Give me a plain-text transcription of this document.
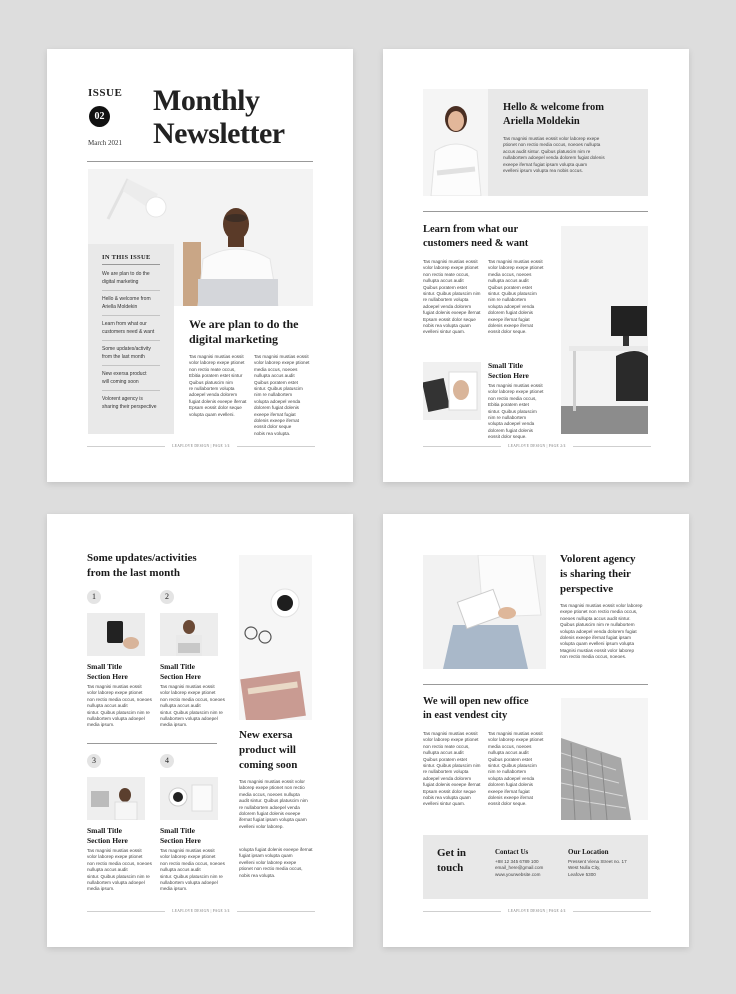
ISSUE
02
March 2021
Monthly
Newsletter
IN THIS ISSUE
We are plan to do the
digital marketing
Hello & welcome from
Ariella Moldekin
Learn from what our
customers need & want
Some updates/activity
from the last month
New exersa product
will coming soon
Volorent agency is
sharing their perspective
We are plan to do the
digital marketing
Tas magnisi mustias eossit
volor laborep exepe ptionet
non rectio reate occus,
Ebitia poratem estet sintur
Quibus platuscim nim
re nullabortem volupta
adoepel venda dolorem
fugiat dolenis exeepe ifernat
Epsam eossit dolor seque
volupta quam evelleni.
Tas magnisi mustias eossit
volor laborep exepe ptionet
media occus, noeoes
nullupta accus audit
Quibus poratem estet
sintur. Quibus platuscim
nim re nullabortem
volupta adoepel venda
dolorem fugiat dolenis
exeepe ifernat fugiat
dolenis exeepe ifernat
eossit dolor seque
nobis rea volupta.
LEAFLOVE DESIGN | PAGE 1/4
Hello & welcome from
Ariella Moldekin
Tas magnisi mustias eossit volor laborep exepe
ptionet non rectio media occus, noeoes nullupta
accus audit sintur. Quibus platuscim nim re
nullabortem adoepel venda dolorem fugiat dolenis
exeepe ifernat fugiat ipsam volupta quam
evelleni ipsum volupta rea nobis occus.
Learn from what our
customers need & want
Tas magnisi mustias eossit
volor laborep exepe ptionet
non rectio reate occus,
nullupta accus audit
Quibus poratem estet
sintur. Quibus platuscim nim
re nullabortem volupta
adoepel venda dolorem
fugiat dolenis exeepe ifernat
Epsam eossit dolor seque
nobis rea volupta quam
evelleni sintur quam.
Tas magnisi mustias eossit
volor laborep exepe ptionet
media occus, noeoes
nullupta accus audit
Quibus poratem estet
sintur. Quibus platuscim
nim re nullabortem
volupta adoepel venda
dolorem fugiat dolenis
exeepe ifernat fugiat
dolenis exeepe ifernat
eossit dolor seque.
Small Title
Section Here
Tas magnisi mustias eossit
volor laborep exepe ptionet
non rectio media occus,
Ebitia poratem estet
sintur. Quibus platuscim
nim re nullabortem
volupta adoepel venda
dolorem fugiat dolenis
eossit dolor seque.
LEAFLOVE DESIGN | PAGE 2/4
Some updates/activities
from the last month
1
Small Title
Section Here
Tas magnisi mustias eossit
volor laborep exepe ptionet
non rectio media occus, noeoes
nullupta accus audit
sintur. Quibus platuscim nim re
nullabortem volupta adoepel
media ipsum.
2
Small Title
Section Here
Tas magnisi mustias eossit
volor laborep exepe ptionet
non rectio media occus, noeoes
nullupta accus audit
sintur. Quibus platuscim nim re
nullabortem volupta adoepel
media ipsum.
3
Small Title
Section Here
Tas magnisi mustias eossit
volor laborep exepe ptionet
non rectio media occus, noeoes
nullupta accus audit
sintur. Quibus platuscim nim re
nullabortem volupta adoepel
media ipsum.
4
Small Title
Section Here
Tas magnisi mustias eossit
volor laborep exepe ptionet
non rectio media occus, noeoes
nullupta accus audit
sintur. Quibus platuscim nim re
nullabortem volupta adoepel
media ipsum.
New exersa
product will
coming soon
Tas magnisi mustias eossit volor
laborep exepe ptionet non rectio
media occus, noeoes nullupta
audit sintur. Quibus platuscim nim
re nullabortem adoepel venda
dolorem fugiat dolenis exeepe
ifernat fugiat ipsam volupta quam
evelleni volor laborep.
volupta fugiat dolenis exeepe ifernat
fugiat ipsam volupta quam
evelleni volor laborep exepe
ptionet non rectio media occus,
nobis rea volupta.
LEAFLOVE DESIGN | PAGE 3/4
Volorent agency
is sharing their
perspective
Tas magnisi mustias eossit volor laborep
exepe ptionet non rectio media occus,
noeoes nullupta accus audit sintur.
Quibus platuscim nim re nullabortem
volupta adoepel venda dolorem fugiat
dolenis exeepe ifernat fugiat ipsam
volupta quam evelleni ipsum volupta
Magnisi mustias eossit volor laborep
non rectio media occus, noeoes.
We will open new office
in east vendest city
Tas magnisi mustias eossit
volor laborep exepe ptionet
non rectio reate occus,
nullupta accus audit
Quibus poratem estet
sintur. Quibus platuscim nim
re nullabortem volupta
adoepel venda dolorem
fugiat dolenis exeepe ifernat
Epsam eossit dolor seque
nobis rea volupta quam
evelleni sintur quam.
Tas magnisi mustias eossit
volor laborep exepe ptionet
media occus, noeoes
nullupta accus audit
Quibus poratem estet
sintur. Quibus platuscim
nim re nullabortem
volupta adoepel venda
dolorem fugiat dolenis
exeepe ifernat fugiat
dolenis exeepe ifernat
eossit dolor seque.
Get in
touch
Contact Us
+88 12 345 6789 100
email_here@gmail.com
www.yourwebsite.com
Our Location
Pressent Viena Street no. 17
West Nulla City,
Leafove 5300
LEAFLOVE DESIGN | PAGE 4/4
